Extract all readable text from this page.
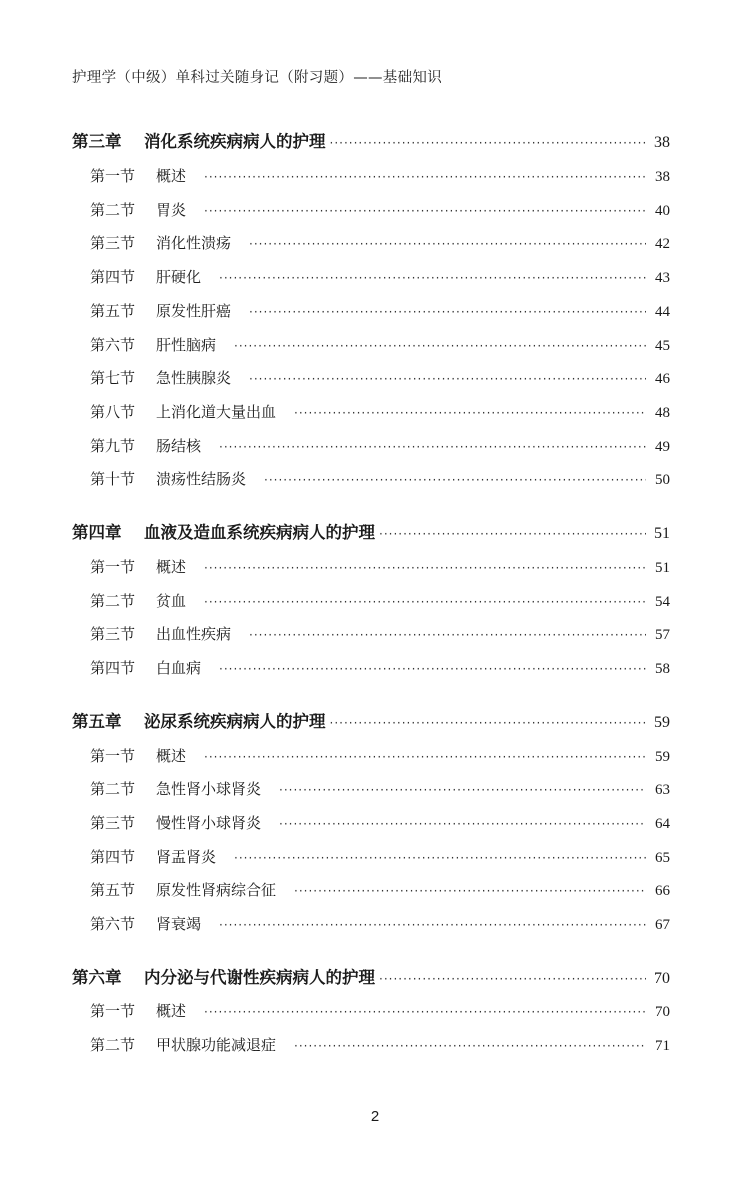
护理学（中级）单科过关随身记（附习题）——基础知识
第三章	消化系统疾病病人的护理 ·····	38
第一节	概述 ·····	38
第二节	胃炎 ·····	40
第三节	消化性溃疡 ·····	42
第四节	肝硬化 ·····	43
第五节	原发性肝癌 ·····	44
第六节	肝性脑病 ·····	45
第七节	急性胰腺炎 ·····	46
第八节	上消化道大量出血 ·····	48
第九节	肠结核 ·····	49
第十节	溃疡性结肠炎 ·····	50
第四章	血液及造血系统疾病病人的护理 ·····	51
第一节	概述 ·····	51
第二节	贫血 ·····	54
第三节	出血性疾病 ·····	57
第四节	白血病 ·····	58
第五章	泌尿系统疾病病人的护理 ·····	59
第一节	概述 ·····	59
第二节	急性肾小球肾炎 ·····	63
第三节	慢性肾小球肾炎 ·····	64
第四节	肾盂肾炎 ·····	65
第五节	原发性肾病综合征 ·····	66
第六节	肾衰竭 ·····	67
第六章	内分泌与代谢性疾病病人的护理 ·····	70
第一节	概述 ·····	70
第二节	甲状腺功能减退症 ·····	71
2
